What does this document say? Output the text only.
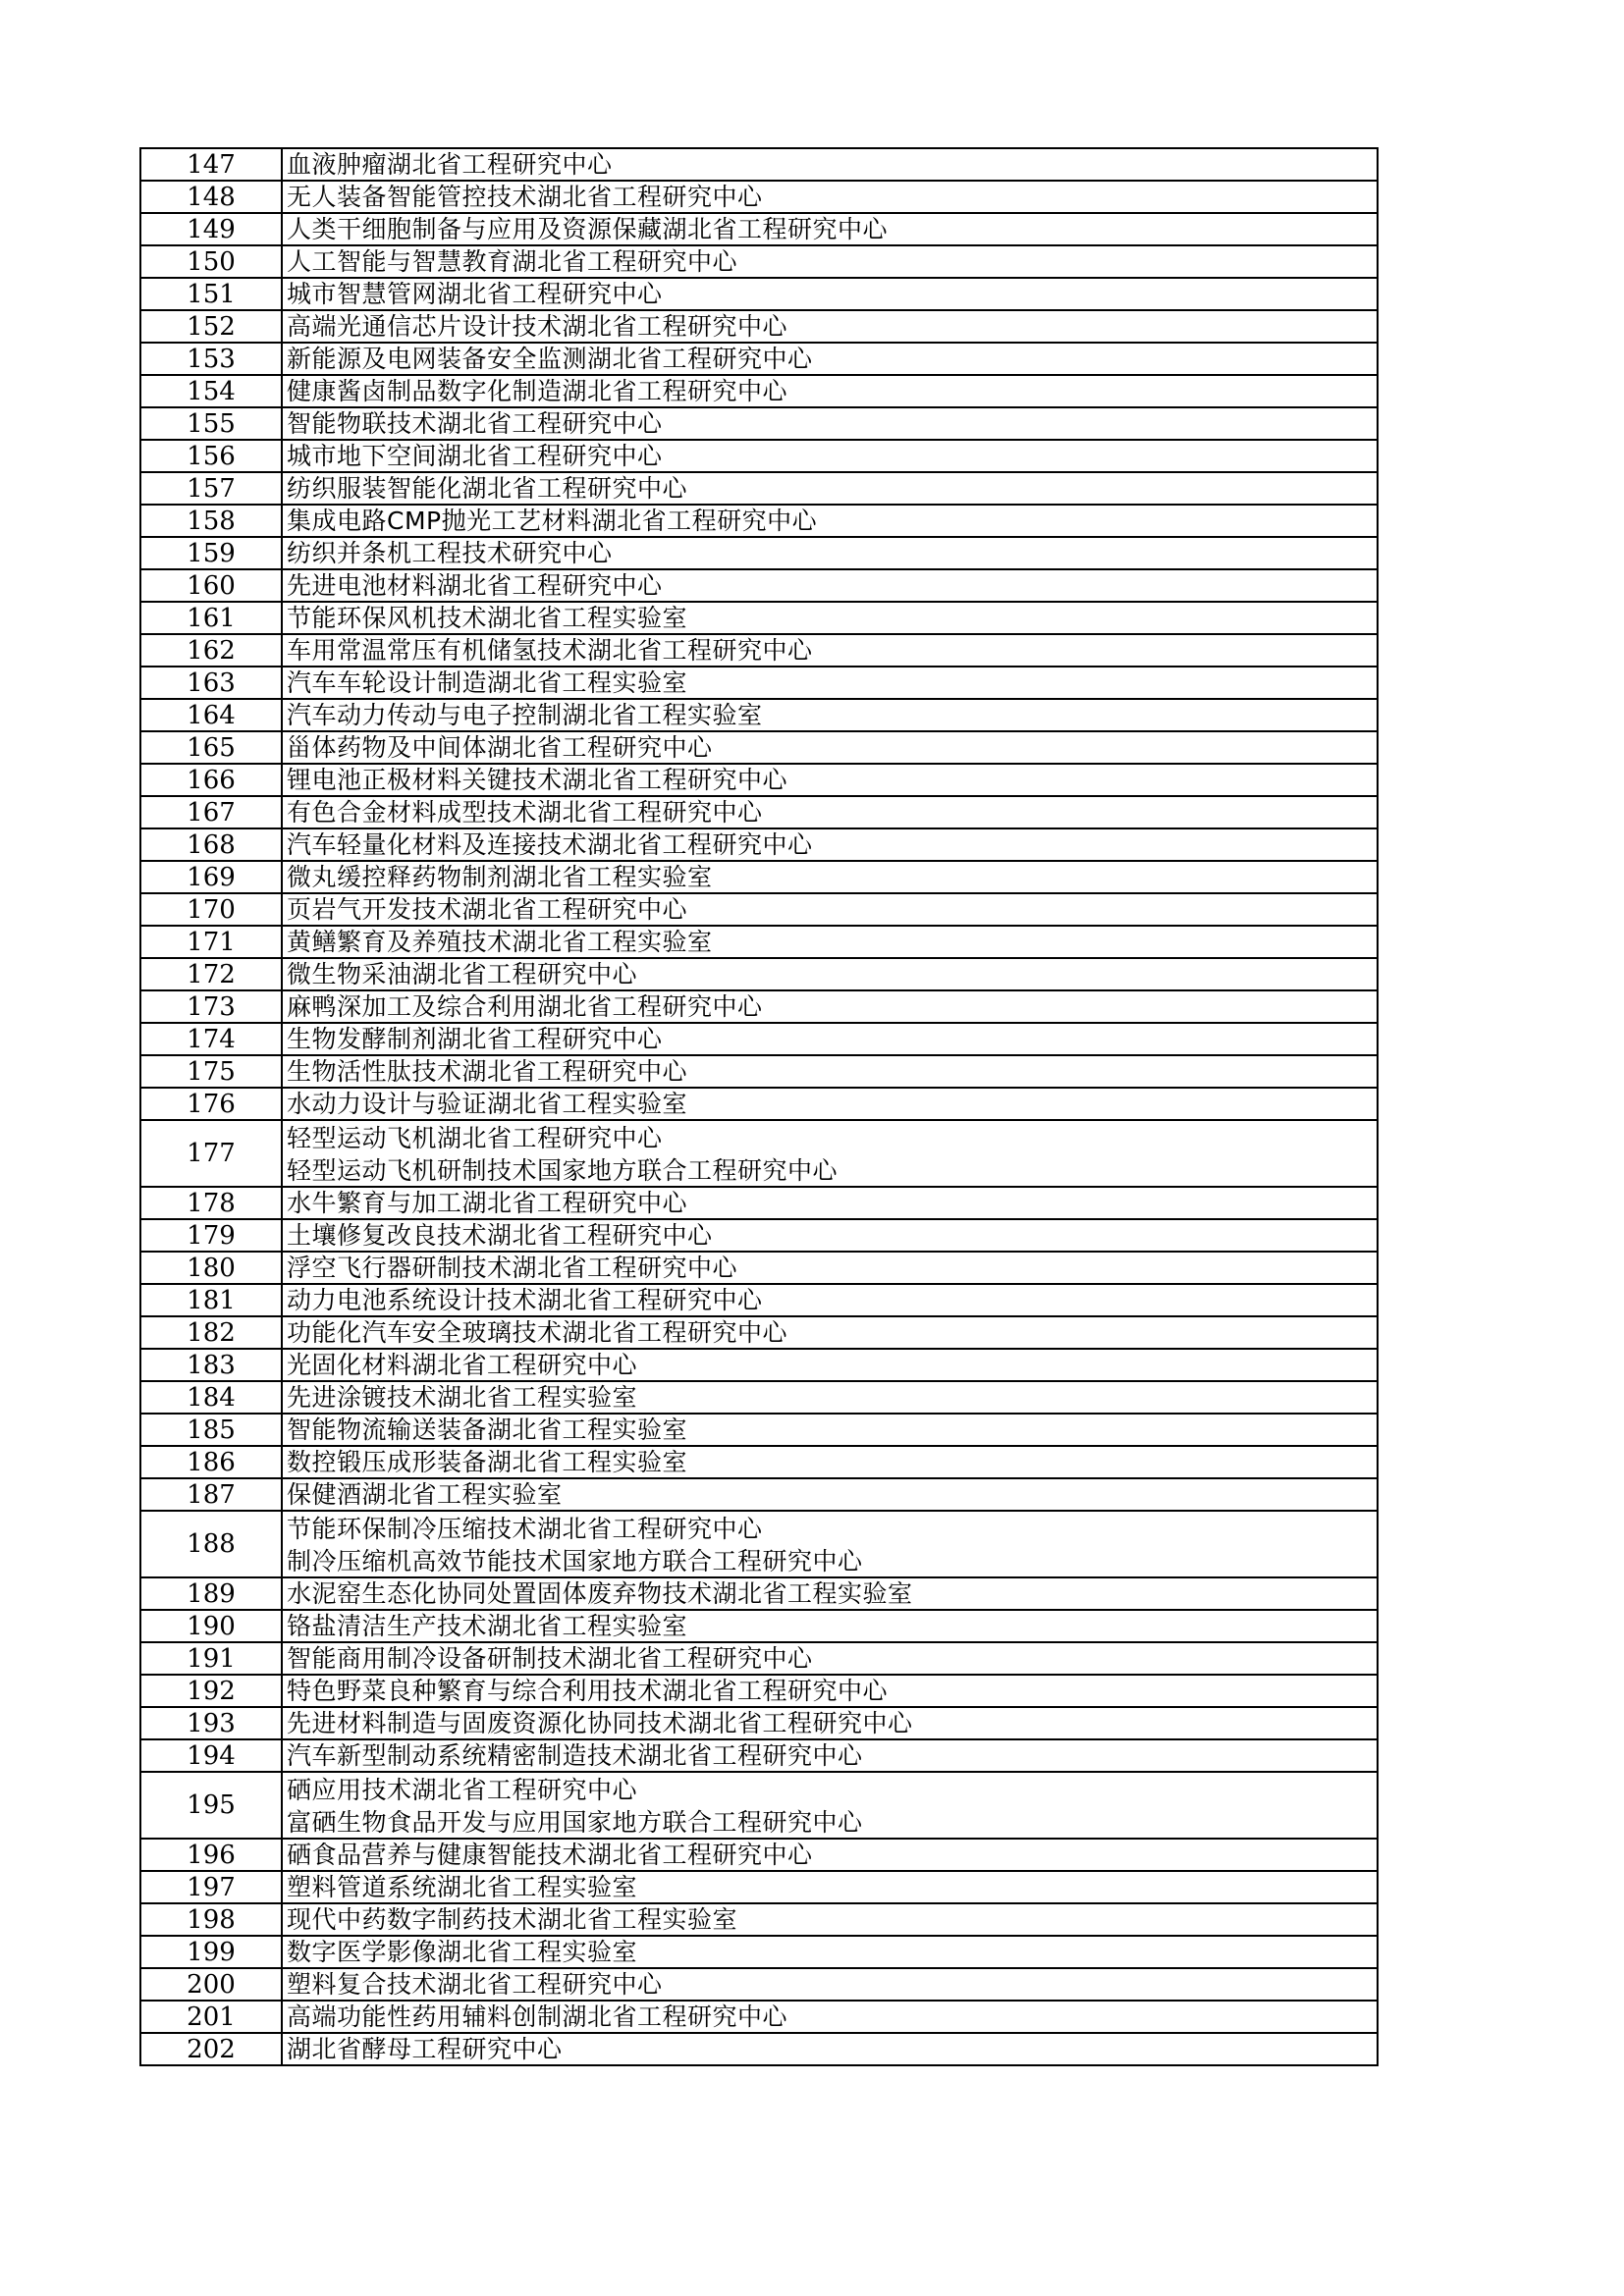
147	血液肿瘤湖北省工程研究中心
148	无人装备智能管控技术湖北省工程研究中心
149	人类干细胞制备与应用及资源保藏湖北省工程研究中心
150	人工智能与智慧教育湖北省工程研究中心
151	城市智慧管网湖北省工程研究中心
152	高端光通信芯片设计技术湖北省工程研究中心
153	新能源及电网装备安全监测湖北省工程研究中心
154	健康酱卤制品数字化制造湖北省工程研究中心
155	智能物联技术湖北省工程研究中心
156	城市地下空间湖北省工程研究中心
157	纺织服装智能化湖北省工程研究中心
158	集成电路CMP抛光工艺材料湖北省工程研究中心
159	纺织并条机工程技术研究中心
160	先进电池材料湖北省工程研究中心
161	节能环保风机技术湖北省工程实验室
162	车用常温常压有机储氢技术湖北省工程研究中心
163	汽车车轮设计制造湖北省工程实验室
164	汽车动力传动与电子控制湖北省工程实验室
165	甾体药物及中间体湖北省工程研究中心
166	锂电池正极材料关键技术湖北省工程研究中心
167	有色合金材料成型技术湖北省工程研究中心
168	汽车轻量化材料及连接技术湖北省工程研究中心
169	微丸缓控释药物制剂湖北省工程实验室
170	页岩气开发技术湖北省工程研究中心
171	黄鳝繁育及养殖技术湖北省工程实验室
172	微生物采油湖北省工程研究中心
173	麻鸭深加工及综合利用湖北省工程研究中心
174	生物发酵制剂湖北省工程研究中心
175	生物活性肽技术湖北省工程研究中心
176	水动力设计与验证湖北省工程实验室
177	轻型运动飞机湖北省工程研究中心
轻型运动飞机研制技术国家地方联合工程研究中心

178	水牛繁育与加工湖北省工程研究中心
179	土壤修复改良技术湖北省工程研究中心
180	浮空飞行器研制技术湖北省工程研究中心
181	动力电池系统设计技术湖北省工程研究中心
182	功能化汽车安全玻璃技术湖北省工程研究中心
183	光固化材料湖北省工程研究中心
184	先进涂镀技术湖北省工程实验室
185	智能物流输送装备湖北省工程实验室
186	数控锻压成形装备湖北省工程实验室
187	保健酒湖北省工程实验室
188	节能环保制冷压缩技术湖北省工程研究中心
制冷压缩机高效节能技术国家地方联合工程研究中心

189	水泥窑生态化协同处置固体废弃物技术湖北省工程实验室
190	铬盐清洁生产技术湖北省工程实验室
191	智能商用制冷设备研制技术湖北省工程研究中心
192	特色野菜良种繁育与综合利用技术湖北省工程研究中心
193	先进材料制造与固废资源化协同技术湖北省工程研究中心
194	汽车新型制动系统精密制造技术湖北省工程研究中心
195	硒应用技术湖北省工程研究中心
富硒生物食品开发与应用国家地方联合工程研究中心

196	硒食品营养与健康智能技术湖北省工程研究中心
197	塑料管道系统湖北省工程实验室
198	现代中药数字制药技术湖北省工程实验室
199	数字医学影像湖北省工程实验室
200	塑料复合技术湖北省工程研究中心
201	高端功能性药用辅料创制湖北省工程研究中心
202	湖北省酵母工程研究中心
